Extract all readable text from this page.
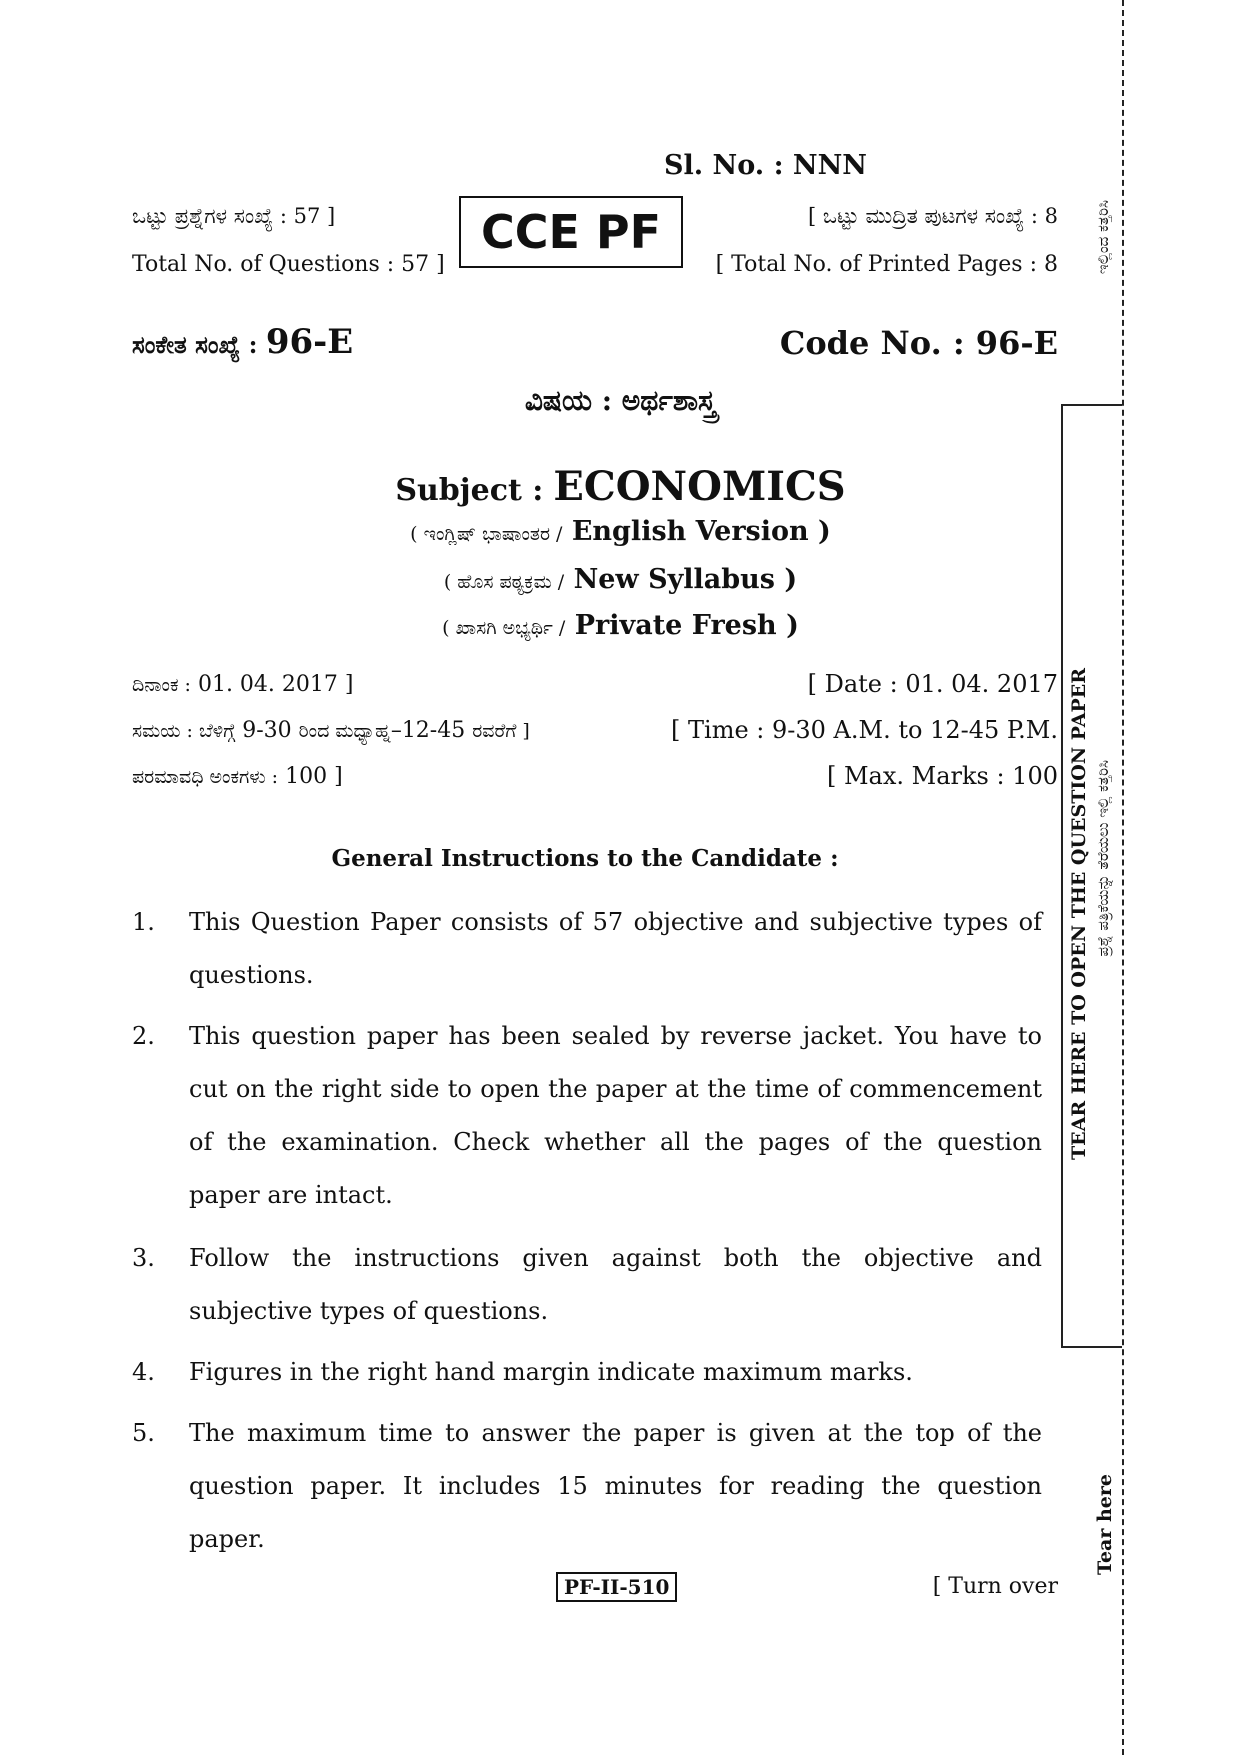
Sl. No. : NNN
ಒಟ್ಟು ಪ್ರಶ್ನೆಗಳ ಸಂಖ್ಯೆ : 57 ]
Total No. of Questions : 57 ]
CCE PF	[ ಒಟ್ಟು ಮುದ್ರಿತ ಪುಟಗಳ ಸಂಖ್ಯೆ : 8
[ Total No. of Printed Pages : 8
ಸಂಕೇತ ಸಂಖ್ಯೆ : 96-E	Code No. : 96-E
ವಿಷಯ : ಅರ್ಥಶಾಸ್ತ್ರ
Subject : ECONOMICS
( ಇಂಗ್ಲಿಷ್ ಭಾಷಾಂತರ / English Version )
( ಹೊಸ ಪಠ್ಯಕ್ರಮ / New Syllabus )
( ಖಾಸಗಿ ಅಭ್ಯರ್ಥಿ / Private Fresh )
ದಿನಾಂಕ : 01. 04. 2017 ]	[ Date : 01. 04. 2017
ಸಮಯ : ಬೆಳಿಗ್ಗೆ 9-30 ರಿಂದ ಮಧ್ಯಾಹ್ನ–12-45 ರವರೆಗೆ ]	[ Time : 9-30 A.M. to 12-45 P.M.
ಪರಮಾವಧಿ ಅಂಕಗಳು : 100 ]	[ Max. Marks : 100
General Instructions to the Candidate :
1. This Question Paper consists of 57 objective and subjective types of questions.
2. This question paper has been sealed by reverse jacket. You have to cut on the right side to open the paper at the time of commencement of the examination. Check whether all the pages of the question paper are intact.
3. Follow the instructions given against both the objective and subjective types of questions.
4. Figures in the right hand margin indicate maximum marks.
5. The maximum time to answer the paper is given at the top of the question paper. It includes 15 minutes for reading the question paper.
PF-II-510	[ Turn over
ಇಲ್ಲಿಂದ ಕತ್ತರಿಸಿ
TEAR HERE TO OPEN THE QUESTION PAPER ಪ್ರಶ್ನೆ ಪತ್ರಿಕೆಯನ್ನು ತೆರೆಯಲು ಇಲ್ಲಿ ಕತ್ತರಿಸಿ
Tear here
